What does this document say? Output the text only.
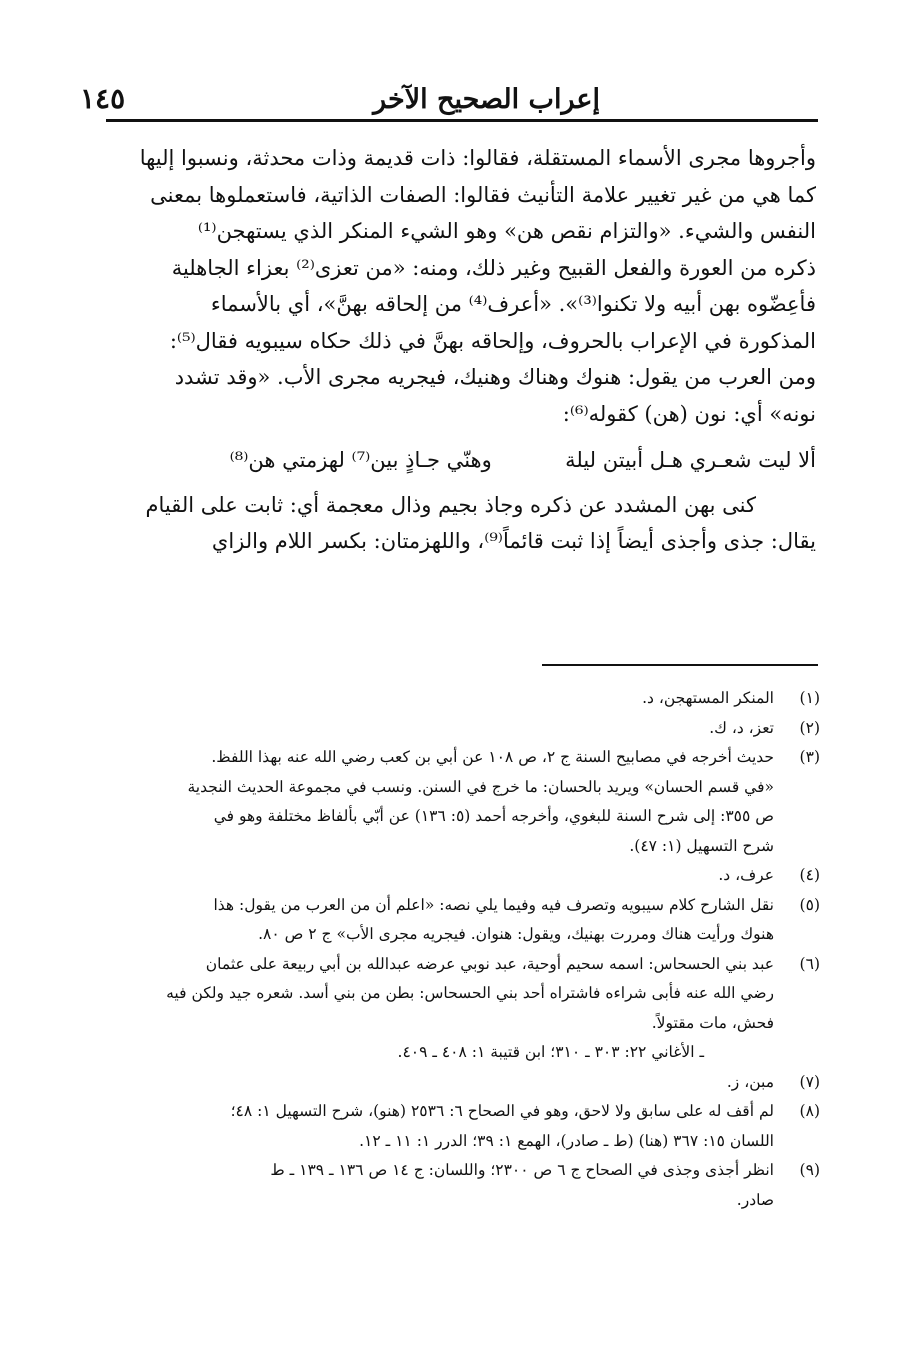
إعراب الصحيح الآخر
١٤٥
وأجروها مجرى الأسماء المستقلة، فقالوا: ذات قديمة وذات محدثة، ونسبوا إليها
كما هي من غير تغيير علامة التأنيث فقالوا: الصفات الذاتية، فاستعملوها بمعنى
النفس والشيء. «والتزام نقص هن» وهو الشيء المنكر الذي يستهجن⁽¹⁾
ذكره من العورة والفعل القبيح وغير ذلك، ومنه: «من تعزى⁽²⁾ بعزاء الجاهلية
فأعِضّوه بهن أبيه ولا تكنوا⁽³⁾». «أعرف⁽⁴⁾ من إلحاقه بهنَّ»، أي بالأسماء
المذكورة في الإعراب بالحروف، وإلحاقه بهنَّ في ذلك حكاه سيبويه فقال⁽⁵⁾:
ومن العرب من يقول: هنوك وهناك وهنيك، فيجريه مجرى الأب. «وقد تشدد
نونه» أي: نون (هن) كقوله⁽⁶⁾:
ألا ليت شعـري هـل أبيتن ليلة  وهنّي جـاذٍ بين⁽⁷⁾ لهزمتي هن⁽⁸⁾
كنى بهن المشدد عن ذكره وجاذ بجيم وذال معجمة أي: ثابت على القيام
يقال: جذى وأجذى أيضاً إذا ثبت قائماً⁽⁹⁾، واللهزمتان: بكسر اللام والزاي
(١)
المنكر المستهجن، د.
(٢)
تعز، د، ك.
(٣)
حديث أخرجه في مصابيح السنة ج ٢، ص ١٠٨ عن أبي بن كعب رضي الله عنه بهذا اللفظ.
«في قسم الحسان» ويريد بالحسان: ما خرج في السنن. ونسب في مجموعة الحديث النجدية
ص ٣٥٥: إلى شرح السنة للبغوي، وأخرجه أحمد (٥: ١٣٦) عن أبّي بألفاظ مختلفة وهو في
شرح التسهيل (١: ٤٧).
(٤)
عرف، د.
(٥)
نقل الشارح كلام سيبويه وتصرف فيه وفيما يلي نصه: «اعلم أن من العرب من يقول: هذا
هنوك ورأيت هناك ومررت بهنيك، ويقول: هنوان. فيجريه مجرى الأب» ج ٢ ص ٨٠.
(٦)
عبد بني الحسحاس: اسمه سحيم أوحية، عبد نوبي عرضه عبدالله بن أبي ربيعة على عثمان
رضي الله عنه فأبى شراءه فاشتراه أحد بني الحسحاس: بطن من بني أسد. شعره جيد ولكن فيه
فحش، مات مقتولاً.
ـ الأغاني ٢٢: ٣٠٣ ـ ٣١٠؛ ابن قتيبة ١: ٤٠٨ ـ ٤٠٩.
(٧)
مبن، ز.
(٨)
لم أقف له على سابق ولا لاحق، وهو في الصحاح ٦: ٢٥٣٦ (هنو)، شرح التسهيل ١: ٤٨؛
اللسان ١٥: ٣٦٧ (هنا) (ط ـ صادر)، الهمع ١: ٣٩؛ الدرر ١: ١١ ـ ١٢.
(٩)
انظر أجذى وجذى في الصحاح ج ٦ ص ٢٣٠٠؛ واللسان: ج ١٤ ص ١٣٦ ـ ١٣٩ ـ ط
صادر.
